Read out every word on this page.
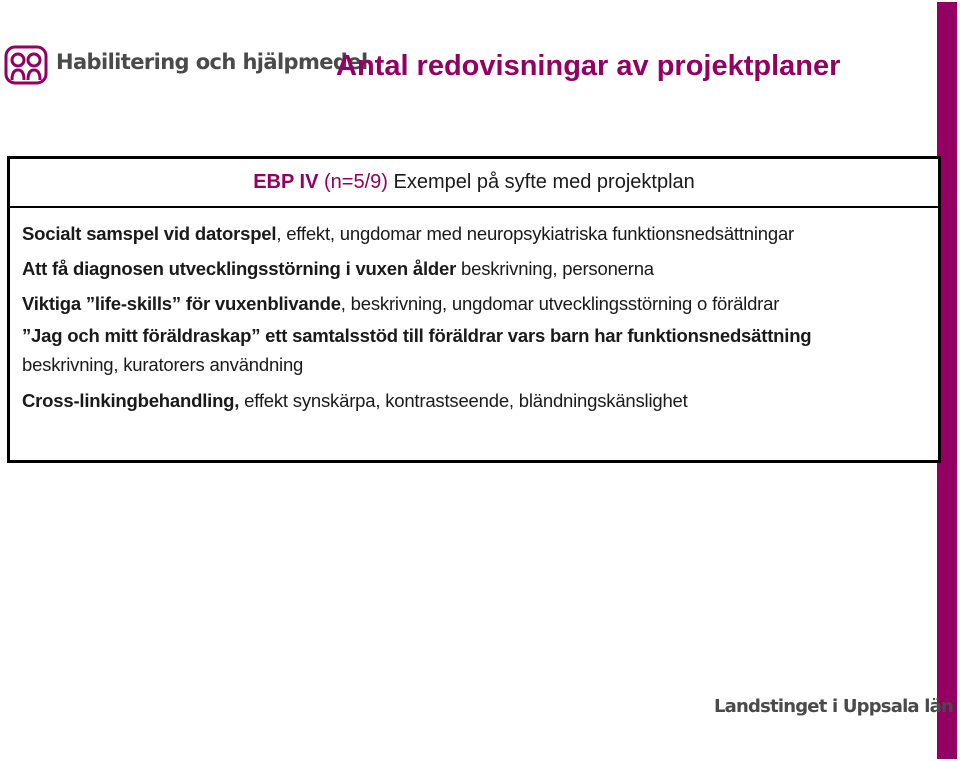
Habilitering och hjälpmedel
Antal redovisningar av projektplaner
EBP IV (n=5/9) Exempel på syfte med projektplan
Socialt samspel vid datorspel, effekt, ungdomar med neuropsykiatriska funktionsnedsättningar
Att få diagnosen utvecklingsstörning i vuxen ålder beskrivning, personerna
Viktiga ”life-skills” för vuxenblivande, beskrivning, ungdomar utvecklingsstörning o föräldrar
”Jag och mitt föräldraskap” ett samtalsstöd till föräldrar vars barn har funktionsnedsättning
beskrivning, kuratorers användning
Cross-linkingbehandling, effekt synskärpa, kontrastseende, bländningskänslighet
Landstinget i Uppsala län
